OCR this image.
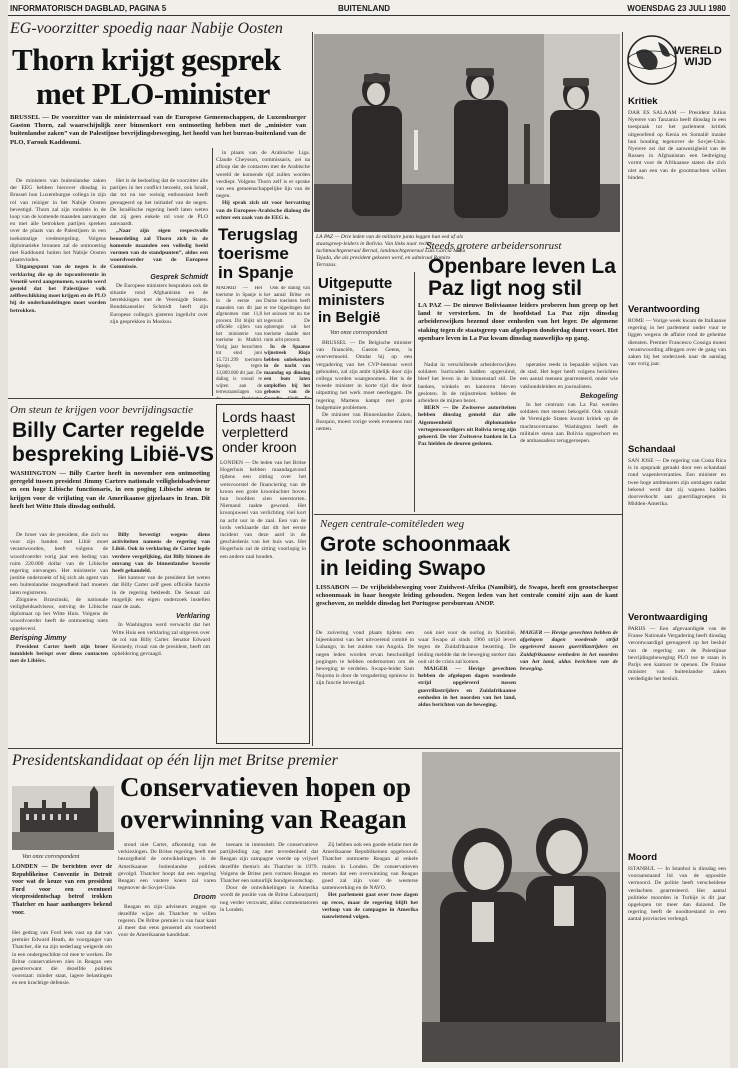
INFORMATORISCH DAGBLAD, PAGINA 5	BUITENLAND	WOENSDAG 23 JULI 1980
EG-voorzitter spoedig naar Nabije Oosten
Thorn krijgt gesprek
met PLO-minister
BRUSSEL — De voorzitter van de ministerraad van de Europese Gemeenschappen, de Luxemburger Gaston Thorn, zal waarschijnlijk zeer binnenkort een ontmoeting hebben met de „minister van buitenlandse zaken” van de Palestijnse bevrijdingsbeweging, het hoofd van het bureau-buitenland van de PLO, Farouk Kaddoumi.

De ministers van buitenlandse zaken der EEG hebben hierover dinsdag in Brussel hun Luxemburgse collega in zijn rol van reiziger in het Nabije Oosten bevestigd. Thorn zal zijn rondreis in de loop van de komende maanden aanvangen en met alle betrokken partijen spreken over de plaats van de Palestijnen in een toekomstige vredesregeling. Volgens diplomatieke bronnen zal de ontmoeting met Kaddoumi buiten het Nabije Oosten plaatsvinden.

Uitgangspunt van de negen is de verklaring die op de topconferentie in Venetië werd aangenomen, waarin werd gesteld dat het Palestijnse volk zelfbeschikking moet krijgen en de PLO bij de onderhandelingen moet worden betrokken.

Het is de bedoeling dat de voorzitter alle partijen in het conflict bezoekt, ook Israël, dat tot nu toe weinig enthousiast heeft gereageerd op het initiatief van de negen. De Israëlische regering heeft laten weten dat zij geen enkele rol voor de PLO aanvaardt.

„Naar zijn eigen respectvolle beoordeling zal Thorn zich in de komende maanden een volledig beeld vormen van de standpunten”, aldus een woordvoerder van de Europese Commissie.

Gesprek Schmidt

De Europese ministers bespraken ook de situatie rond Afghanistan en de betrekkingen met de Verenigde Staten. Bondskanselier Schmidt heeft zijn Europese collega's gisteren ingelicht over zijn gesprekken in Moskou.

in plaats van de Arabische Liga. Claude Cheysson, commissaris, zei na afloop dat de contacten met de Arabische wereld de komende tijd zullen worden verdiept. Volgens Thorn zelf is er sprake van een gemeenschappelijke lijn van de negen.

Hij sprak zich uit voor hervatting van de Europees-Arabische dialoog die echter een zaak van de EEG is.

LA PAZ — Drie leden van de militaire junta leggen hun eed af als staatsgreep-leiders in Bolivia. Van links naar rechts luchtmachtgeneraal Bernal, landmachtgeneraal Luis Garcia Meza Tejada, die als president gekozen werd, en admiraal Ramiro Terrazas.
Terugslag
toerisme
in Spanje
MADRID — Het toerisme in Spanje is in de eerste zes maanden van dit jaar afgenomen met 11,8 procent. Dit blijkt uit officiële cijfers van het ministerie van toerisme in Madrid. Vorig jaar bezochten tot eind juni 15.721.299 toeristen Spanje, tegen 13,869.000 dit jaar. De daling is vooral te wijten aan de terreuraanslagen van

Ook de daling van het aantal Britse en Duitse toeristen heeft er toe bijgedragen dat het seizoen tot nu toe tegenvalt. De opbrengst uit het toerisme daalde met ruim acht procent.

In de Spaanse wijnstreek Rioja hebben onbekenden in de nacht van maandag op dinsdag een bom laten ontploffen bij het gebouw van de

Uitgeputte
ministers
in België
Van onze correspondent

BRUSSEL — De Belgische minister van financiën, Gaston Geens, is oververmoeid. Omdat hij op een vergadering van het CVP-bestuur werd gehouden, zal zijn ambt tijdelijk door zijn collega worden waargenomen. Het is de tweede minister in korte tijd die door uitputting het werk moet neerleggen. De regering Martens kampt met grote budgettaire problemen.

De minister van Binnenlandse Zaken, Busquin, moest vorige week eveneens rust nemen.

Steeds grotere arbeidersonrust
Openbare leven La
Paz ligt nog stil
LA PAZ — De nieuwe Boliviaanse leiders proberen hun greep op het land te versterken. In de hoofdstad La Paz zijn dinsdag arbeiderswijken bezemd door eenheden van het leger. De algemene staking tegen de staatsgreep van afgelopen donderdag duurt voort. Het openbare leven in La Paz kwam dinsdag nauwelijks op gang.

Nadat in verschillende arbeiderswijken soldaten barricaden hadden opgeruimd, bleef het leven in de binnenstad stil. De banken, winkels en kantoren bleven gesloten. In de mijnstreken hebben de arbeiders de mijnen bezet.

BERN — De Zwitserse autoriteiten hebben dinsdag gemeld dat alle Algemeenheid diplomatieke vertegenwoordigers uit Bolivia terug zijn gekeerd. De vier Zwitserse banken in La Paz hielden de deuren gesloten.

operaties reeds in bepaalde wijken van de stad. Het leger heeft volgens berichten een aantal mensen gearresteerd, onder wie vakbondsleiders en journalisten.

Bekogeling

In het centrum van La Paz werden soldaten met stenen bekogeld. Ook vanuit de Verenigde Staten kwam kritiek op de machtsovername. Washington heeft de militaire steun aan Bolivia opgeschort en de ambassadeur teruggeroepen.

Lords haast
verpletterd
onder kroon
LONDEN — De leden van het Britse Hogerhuis hebben maandagavond tijdens een zitting over het wetsvoorstel de financiering van de kroon een grote kroonluchter boven hun hoofden zien neerstorten. Niemand raakte gewond. Het kroonjuweel van verlichting viel kort na acht uur in de zaal. Een van de lords verklaarde dat dit het eerste incident van deze aard in de geschiedenis van het huis was. Het Hogerhuis zal de zitting voorlopig in een andere zaal houden.
Om steun te krijgen voor bevrijdingsactie
Billy Carter regelde
bespreking Libië-VS
WASHINGTON — Billy Carter heeft in november een ontmoeting geregeld tussen president Jimmy Carters nationale veiligheidsadviseur en een hoge Libische functionaris, in een poging Libische steun te krijgen voor de vrijlating van de Amerikaanse gijzelaars in Iran. Dit heeft het Witte Huis dinsdag onthuld.

De broer van de president, die zich nu voor zijn banden met Libië moet verantwoorden, heeft volgens de woordvoerder vorig jaar een bedrag van ruim 220.000 dollar van de Libische regering ontvangen. Het ministerie van justitie onderzoekt of hij zich als agent van een buitenlandse mogendheid had moeten laten registreren.

Zbigniew Brzezinski, de nationale veiligheidsadviseur, ontving de Libische diplomaat op het Witte Huis. Volgens de woordvoerder heeft de ontmoeting niets opgeleverd.

Berisping Jimmy

President Carter heeft zijn broer inmiddels berispt over diens contacten met de Libiërs.

Billy bevestigt wegens diens activiteiten namens de regering van Libië. Ook in verklaring de Carter legde verdere vergelijking, dat Billy binnen de omvang van de binnenlandse kwestie heeft gehandeld.

Het kantoor van de president liet weten dat Billy Carter zelf geen officiële functie in de regering bekleedt. De Senaat zal mogelijk een eigen onderzoek instellen naar de zaak.

Verklaring

In Washington werd verwacht dat het Witte Huis een verklaring zal uitgeven over de rol van Billy Carter. Senator Edward Kennedy, rivaal van de president, heeft om opheldering gevraagd.

Negen centrale-comitéleden weg
Grote schoonmaak
in leiding Swapo
LISSABON — De vrijheidsbeweging voor Zuidwest-Afrika (Namibië), de Swapo, heeft een grootscheepse schoonmaak in haar hoogste leiding gehouden. Negen leden van het centrale comité zijn aan de kant geschoven, zo meldde dinsdag het Portugese persbureau ANOP.
De zuivering vond plaats tijdens een bijeenkomst van het uitvoerend comité in Lubango, in het zuiden van Angola. De negen leden worden ervan beschuldigd pogingen te hebben ondernomen om de beweging te verdelen. Swapo-leider Sam Nujoma is door de vergadering opnieuw in zijn functie bevestigd.

ook niet voor de oorlog in Namibië, waar Swapo al sinds 1966 strijd levert tegen de Zuidafrikaanse bezetting. De leiding meldde dat de beweging sterker dan ooit uit de crisis zal komen.

MAIGER — Hevige gevechten hebben de afgelopen dagen woedende strijd opgeleverd tussen guerrillastrijders en Zuidafrikaanse eenheden in het noorden van het land, aldus berichten van de beweging.

MAIGER — Hevige gevechten hebben de afgelopen dagen woedende strijd opgeleverd tussen guerrillastrijders en Zuidafrikaanse eenheden in het noorden van het land, aldus berichten van de beweging.
WERELD WIJD
Kritiek
DAR ES SALAAM — President Julius Nyerere van Tanzania heeft dinsdag in een toespraak tot het parlement kritiek uitgeoefend op Kenia en Somalië inzake hun houding tegenover de Sovjet-Unie. Nyerere zei dat de aanwezigheid van de Russen in Afghanistan een bedreiging vormt voor de Afrikaanse staten die zich niet aan een van de grootmachten willen binden.
Verantwoording
ROME — Vorige week kwam de Italiaanse regering in het parlement onder vuur te liggen wegens de affaire rond de geheime diensten. Premier Francesco Cossiga moest verantwoording afleggen over de gang van zaken bij het onderzoek naar de aanslag van vorig jaar.
Schandaal
SAN JOSE — De regering van Costa Rica is in opspraak geraakt door een schandaal rond wapenleveranties. Een minister en twee hoge ambtenaren zijn ontslagen nadat bekend werd dat zij wapens hadden doorverkocht aan guerrillagroepen in Midden-Amerika.
Verontwaardiging
PARIJS — Een afgevaardigde van de Franse Nationale Vergadering heeft dinsdag verontwaardigd gereageerd op het besluit van de regering om de Palestijnse bevrijdingsbeweging PLO toe te staan in Parijs een kantoor te openen. De Franse minister van buitenlandse zaken verdedigde het besluit.
Moord
ISTANBUL — In Istanbul is dinsdag een vooraanstaand lid van de oppositie vermoord. De politie heeft verscheidene verdachten gearresteerd. Het aantal politieke moorden in Turkije is dit jaar opgelopen tot meer dan duizend. De regering heeft de noodtoestand in een aantal provincies verlengd.
Presidentskandidaat op één lijn met Britse premier
Conservatieven hopen op
overwinning van Reagan
Van onze correspondent
LONDEN — De berichten over de Republikeinse Conventie in Detroit voor wat de keuze van een president Ford voor een eventueel vicepresidentschap betrof trokken Thatcher en haar aanhangers bekend voor.
Het gedrag van Ford leek vast op dat van premier Edward Heath, de voorganger van Thatcher, die na zijn nederlaag weigerde om in een ondergeschikte rol mee te werken. De Britse conservatieven zien in Reagan een geestverwant die dezelfde politiek voorstaat: minder staat, lagere belastingen en een krachtige defensie.

stond niet Carter, afkomstig van de verkiezingen. De Britse regering heeft met bezorgdheid de ontwikkelingen in de Amerikaanse buitenlandse politiek gevolgd. Thatcher hoopt dat een regering Reagan een vastere koers zal varen tegenover de Sovjet-Unie.

Droom

Reagan en zijn adviseurs zeggen op dezelfde wijze als Thatcher te willen regeren. De Britse premier is van haar kant al meer dan eens genoemd als voorbeeld voor de Amerikaanse kandidaat.

toenam in intensiteit. De conservatieve partijleiding zag met tevredenheid dat Reagan zijn campagne voerde op vrijwel dezelfde thema's als Thatcher in 1979. Volgens de Britse pers vormen Reagan en Thatcher een natuurlijk bondgenootschap.

Door de ontwikkelingen in Amerika wordt de positie van de Britse Labourpartij nog verder verzwakt, aldus commentatoren in Londen.

Zij hebben ook een goede relatie met de Amerikaanse Republikeinen opgebouwd. Thatcher ontmoette Reagan al enkele malen in Londen. De conservatieven menen dat een overwinning van Reagan goed zal zijn voor de westerse samenwerking en de NAVO.

Het parlement gaat over twee dagen op reces, maar de regering blijft het verloop van de campagne in Amerika nauwlettend volgen.
